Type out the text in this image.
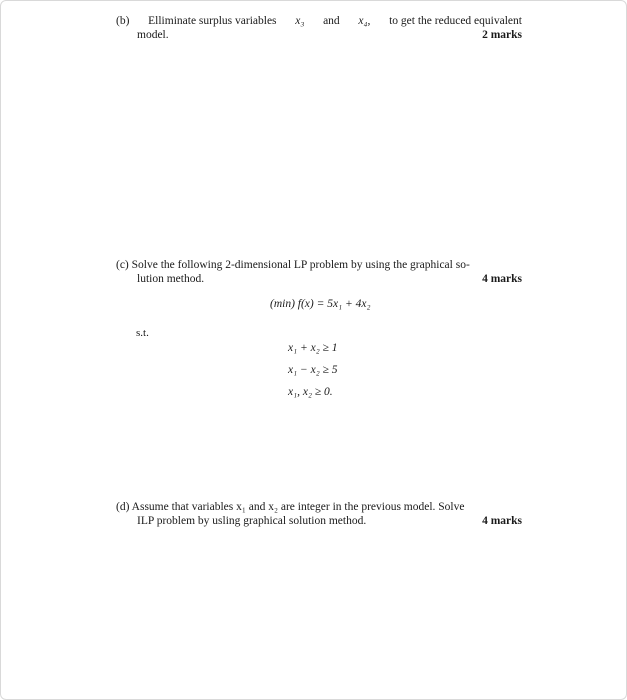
(b) Elliminate surplus variables x₃ and x₄, to get the reduced equivalent
model.	2 marks
(c) Solve the following 2-dimensional LP problem by using the graphical so-
lution method.	4 marks
(min) f(x) = 5x₁ + 4x₂
s.t.
x₁ + x₂ ≥ 1
x₁ − x₂ ≥ 5
x₁, x₂ ≥ 0.
(d) Assume that variables x₁ and x₂ are integer in the previous model. Solve
ILP problem by usling graphical solution method.	4 marks
